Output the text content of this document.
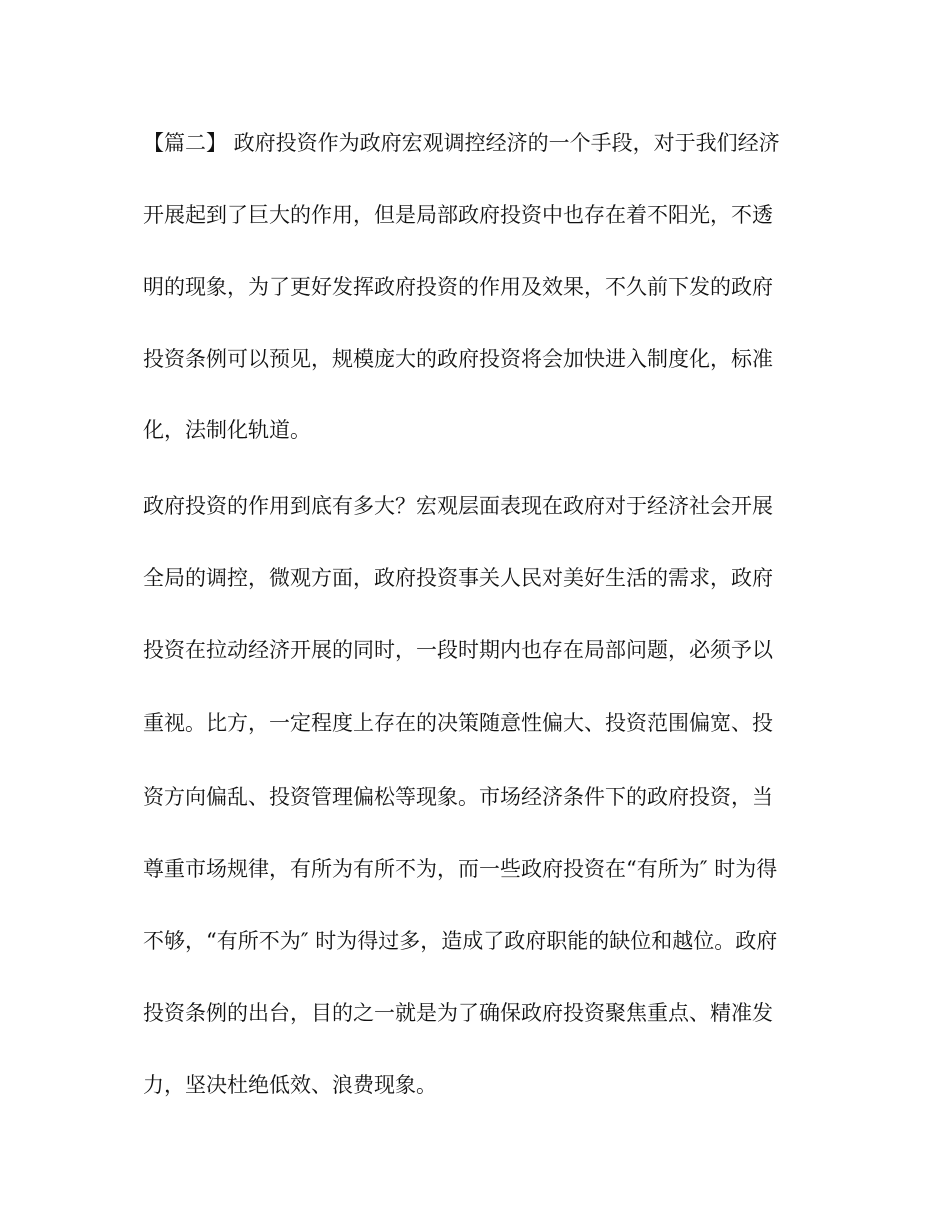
【篇二】 政府投资作为政府宏观调控经济的一个手段，对于我们经济
开展起到了巨大的作用，但是局部政府投资中也存在着不阳光，不透
明的现象，为了更好发挥政府投资的作用及效果，不久前下发的政府
投资条例可以预见，规模庞大的政府投资将会加快进入制度化，标准
化，法制化轨道。
政府投资的作用到底有多大？宏观层面表现在政府对于经济社会开展
全局的调控，微观方面，政府投资事关人民对美好生活的需求，政府
投资在拉动经济开展的同时，一段时期内也存在局部问题，必须予以
重视。比方，一定程度上存在的决策随意性偏大、投资范围偏宽、投
资方向偏乱、投资管理偏松等现象。市场经济条件下的政府投资，当
尊重市场规律，有所为有所不为，而一些政府投资在“有所为″ 时为得
不够，“有所不为″ 时为得过多，造成了政府职能的缺位和越位。政府
投资条例的出台，目的之一就是为了确保政府投资聚焦重点、精准发
力，坚决杜绝低效、浪费现象。
